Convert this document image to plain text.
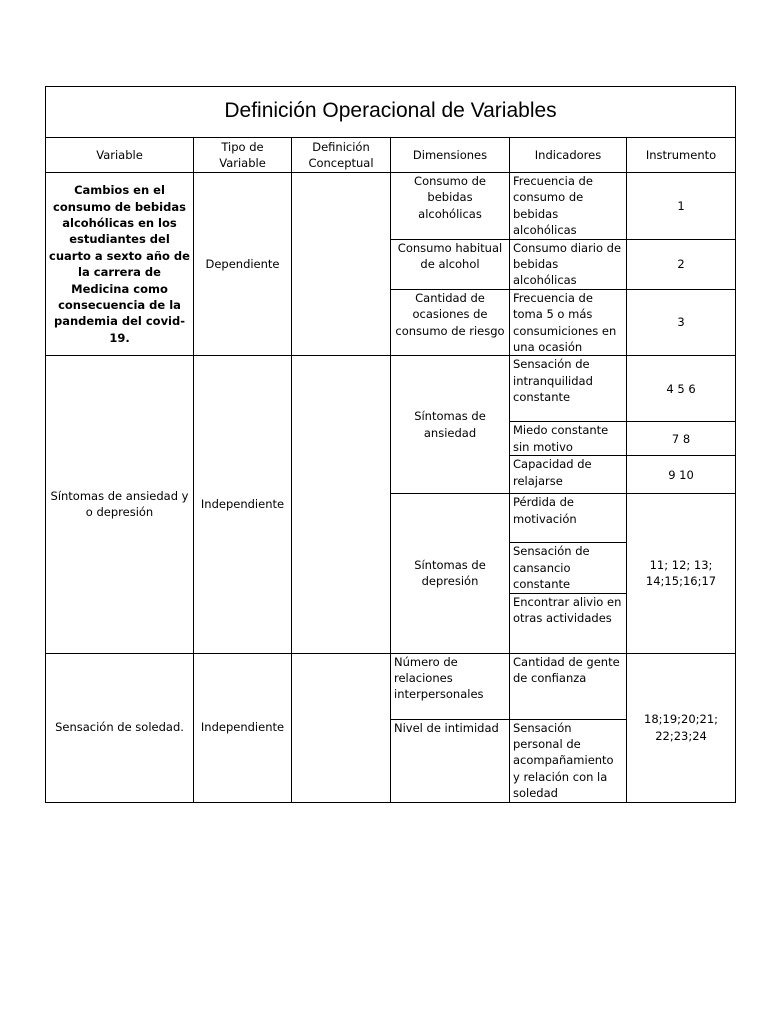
Definición Operacional de Variables					
Variable	Tipo de Variable	Definición Conceptual	Dimensiones	Indicadores	Instrumento
Cambios en el consumo de bebidas alcohólicas en los estudiantes del cuarto a sexto año de la carrera de Medicina como consecuencia de la pandemia del covid-19.	Dependiente		Consumo de bebidas alcohólicas	Frecuencia de consumo de bebidas alcohólicas	1
			Consumo habitual de alcohol	Consumo diario de bebidas alcohólicas	2
			Cantidad de ocasiones de consumo de riesgo	Frecuencia de toma 5 o más consumiciones en una ocasión	3
Síntomas de ansiedad y o depresión	Independiente		Síntomas de ansiedad	Sensación de intranquilidad constante	4 5 6
				Miedo constante sin motivo	7 8
				Capacidad de relajarse	9 10
			Síntomas de depresión	Pérdida de motivación	11; 12; 13; 14;15;16;17
				Sensación de cansancio constante	
				Encontrar alivio en otras actividades	
Sensación de soledad.	Independiente		Número de relaciones interpersonales	Cantidad de gente de confianza	18;19;20;21; 22;23;24
			Nivel de intimidad	Sensación personal de acompañamiento y relación con la soledad	
